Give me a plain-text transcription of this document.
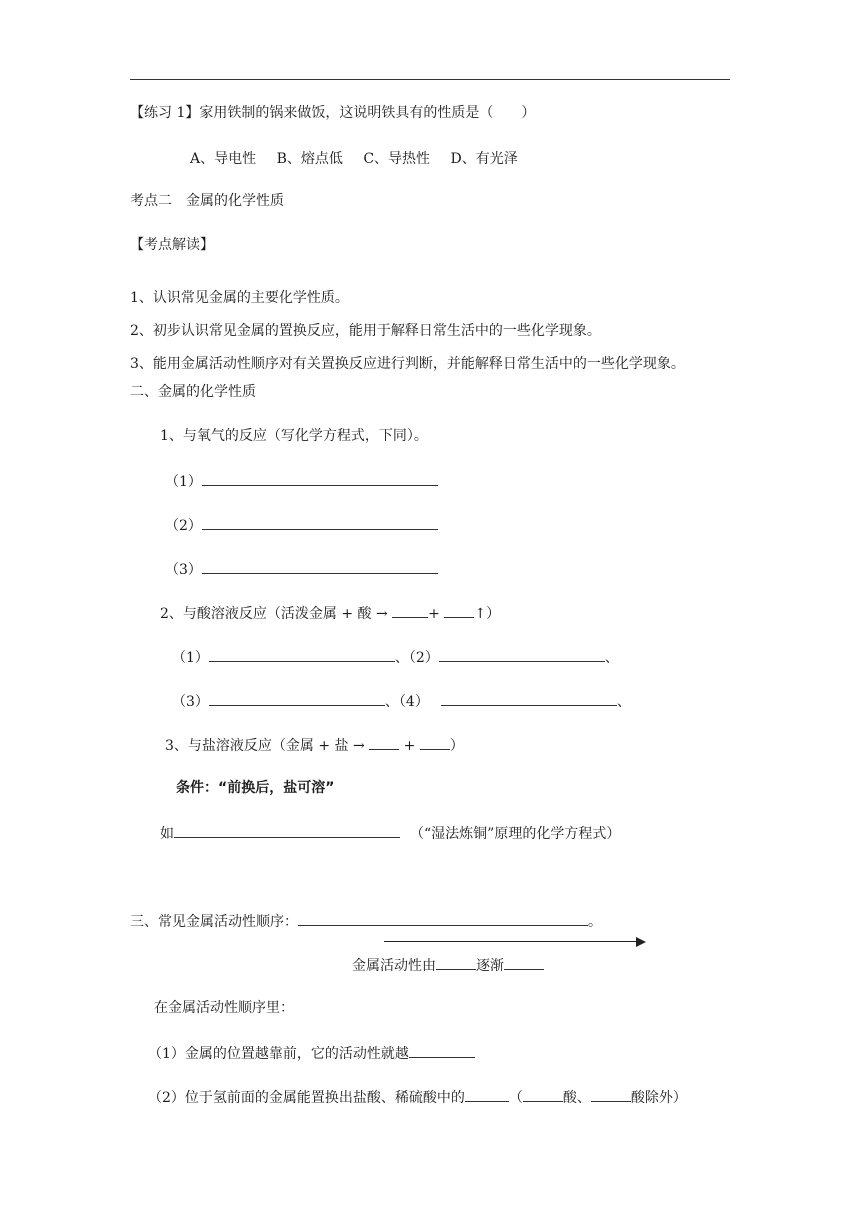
【练习 1】家用铁制的锅来做饭，这说明铁具有的性质是（　　）
A、导电性 B、熔点低 C、导热性 D、有光泽
考点二　金属的化学性质
【考点解读】
1、认识常见金属的主要化学性质。
2、初步认识常见金属的置换反应，能用于解释日常生活中的一些化学现象。
3、能用金属活动性顺序对有关置换反应进行判断，并能解释日常生活中的一些化学现象。
二、金属的化学性质
1、与氧气的反应（写化学方程式，下同）。
（1）
（2）
（3）
2、与酸溶液反应（活泼金属 + 酸 →	+ ↑）
（1）	、（2）	、
（3）	、（4）	、
3、与盐溶液反应（金属 + 盐 →	+ ）
条件：“前换后，盐可溶”
如	（“湿法炼铜”原理的化学方程式）
三、常见金属活动性顺序：	。
金属活动性由	逐渐
在金属活动性顺序里：
（1）金属的位置越靠前，它的活动性就越
（2）位于氢前面的金属能置换出盐酸、稀硫酸中的	（	酸、	酸除外）
